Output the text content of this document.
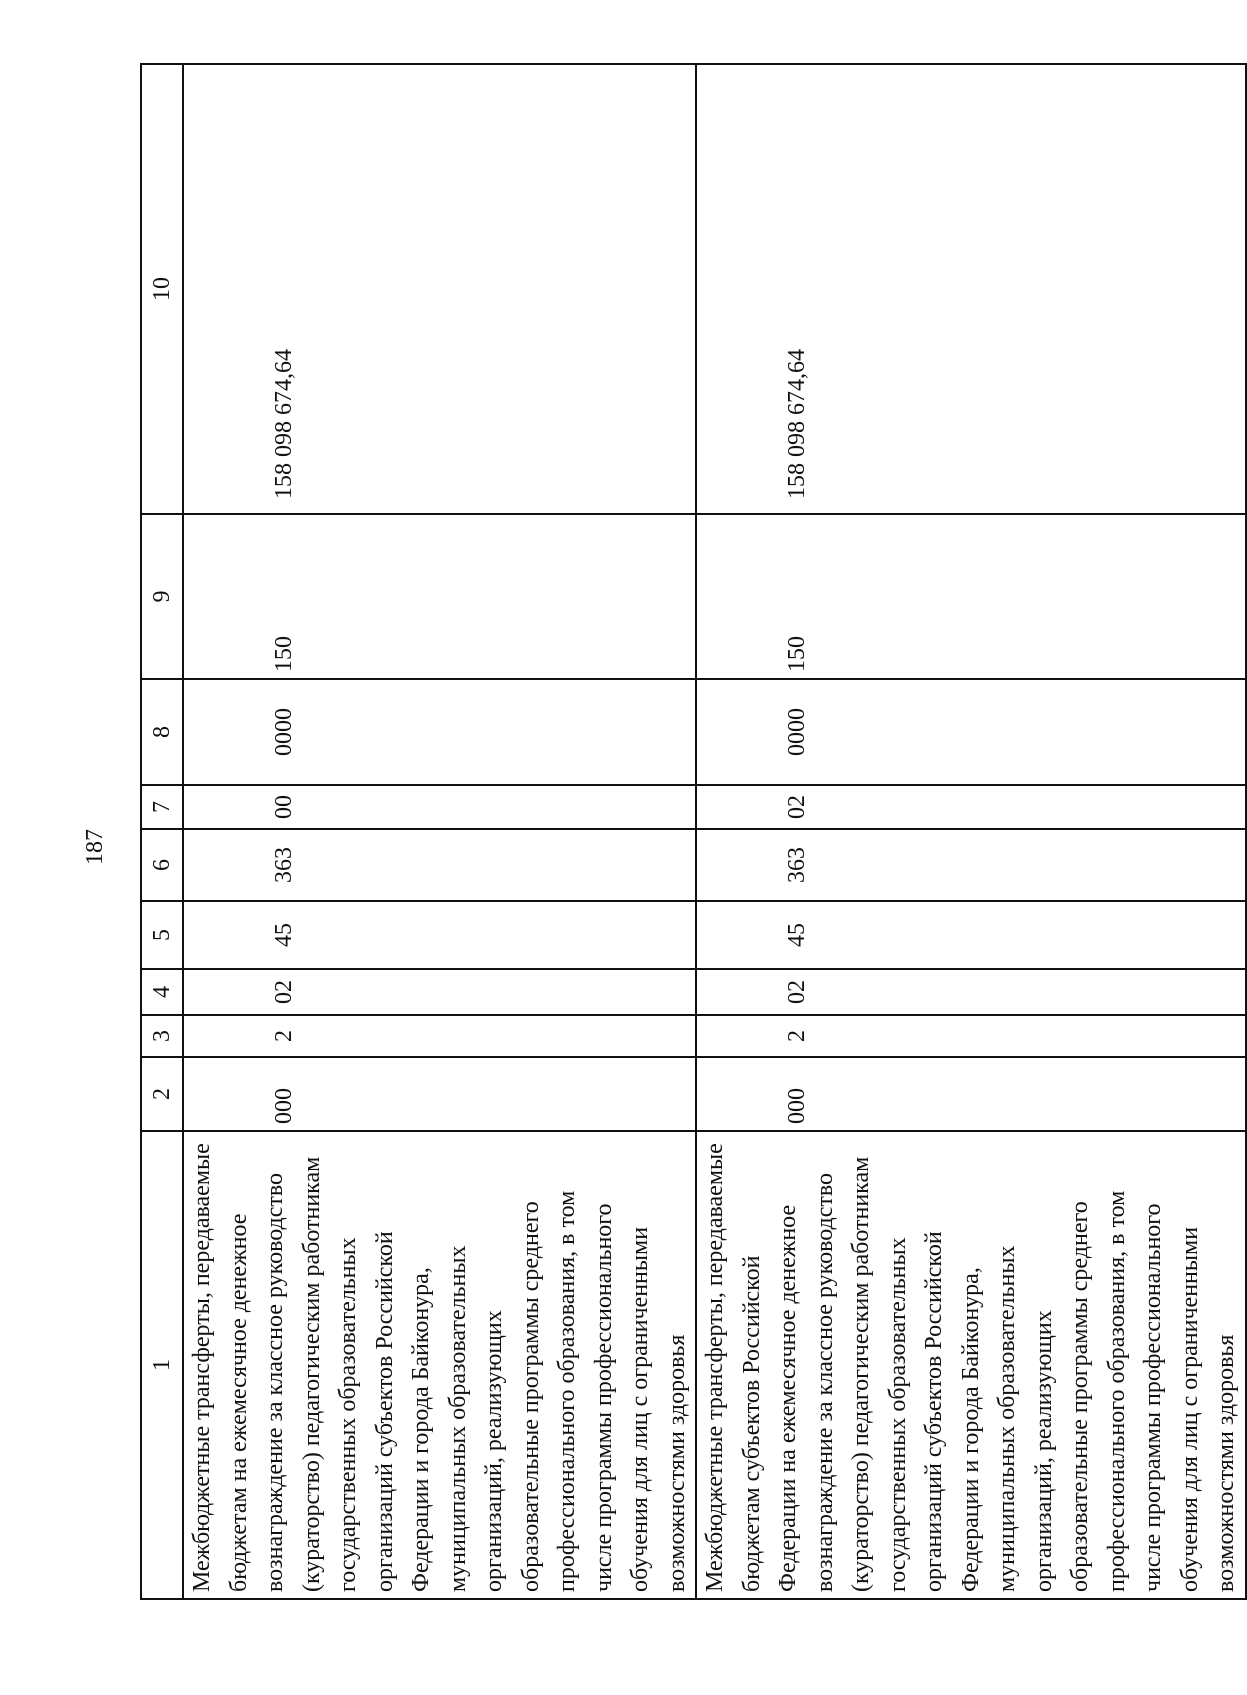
187
1	2	3	4	5	6	7	8	9	10
Межбюджетные трансферты, передаваемые бюджетам на ежемесячное денежное вознаграждение за классное руководство (кураторство) педагогическим работникам государственных образовательных организаций субъектов Российской Федерации и города Байконура, муниципальных образовательных организаций, реализующих образовательные программы среднего профессионального образования, в том числе программы профессионального обучения для лиц с ограниченными возможностями здоровья	000	2	02	45	363	00	0000	150	158 098 674,64
Межбюджетные трансферты, передаваемые бюджетам субъектов Российской Федерации на ежемесячное денежное вознаграждение за классное руководство (кураторство) педагогическим работникам государственных образовательных организаций субъектов Российской Федерации и города Байконура, муниципальных образовательных организаций, реализующих образовательные программы среднего профессионального образования, в том числе программы профессионального обучения для лиц с ограниченными возможностями здоровья	000	2	02	45	363	02	0000	150	158 098 674,64
